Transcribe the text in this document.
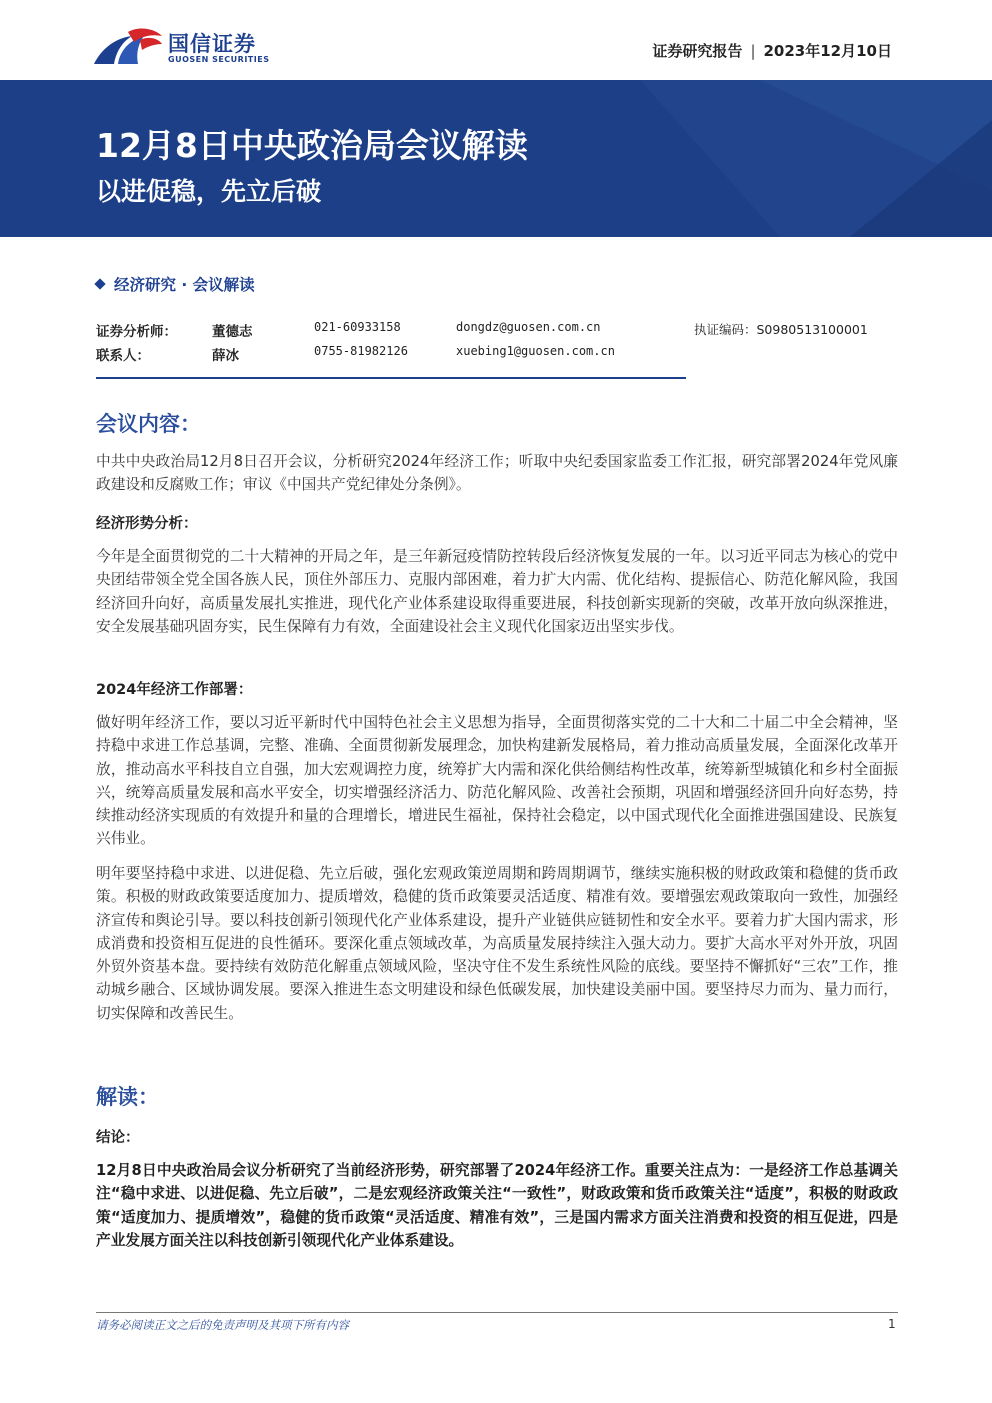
国信证券
GUOSEN SECURITIES	证券研究报告 | 2023年12月10日
12月8日中央政治局会议解读
以进促稳，先立后破
经济研究 · 会议解读
证券分析师：	董德志	021-60933158	dongdz@guosen.com.cn	执证编码：S0980513100001
联系人：	薛冰	0755-81982126	xuebing1@guosen.com.cn
会议内容：
中共中央政治局12月8日召开会议，分析研究2024年经济工作；听取中央纪委国家监委工作汇报，研究部署2024年党风廉政建设和反腐败工作；审议《中国共产党纪律处分条例》。
经济形势分析：
今年是全面贯彻党的二十大精神的开局之年，是三年新冠疫情防控转段后经济恢复发展的一年。以习近平同志为核心的党中央团结带领全党全国各族人民，顶住外部压力、克服内部困难，着力扩大内需、优化结构、提振信心、防范化解风险，我国经济回升向好，高质量发展扎实推进，现代化产业体系建设取得重要进展，科技创新实现新的突破，改革开放向纵深推进，安全发展基础巩固夯实，民生保障有力有效，全面建设社会主义现代化国家迈出坚实步伐。
2024年经济工作部署：
做好明年经济工作，要以习近平新时代中国特色社会主义思想为指导，全面贯彻落实党的二十大和二十届二中全会精神，坚持稳中求进工作总基调，完整、准确、全面贯彻新发展理念，加快构建新发展格局，着力推动高质量发展，全面深化改革开放，推动高水平科技自立自强，加大宏观调控力度，统筹扩大内需和深化供给侧结构性改革，统筹新型城镇化和乡村全面振兴，统筹高质量发展和高水平安全，切实增强经济活力、防范化解风险、改善社会预期，巩固和增强经济回升向好态势，持续推动经济实现质的有效提升和量的合理增长，增进民生福祉，保持社会稳定，以中国式现代化全面推进强国建设、民族复兴伟业。
明年要坚持稳中求进、以进促稳、先立后破，强化宏观政策逆周期和跨周期调节，继续实施积极的财政政策和稳健的货币政策。积极的财政政策要适度加力、提质增效，稳健的货币政策要灵活适度、精准有效。要增强宏观政策取向一致性，加强经济宣传和舆论引导。要以科技创新引领现代化产业体系建设，提升产业链供应链韧性和安全水平。要着力扩大国内需求，形成消费和投资相互促进的良性循环。要深化重点领域改革，为高质量发展持续注入强大动力。要扩大高水平对外开放，巩固外贸外资基本盘。要持续有效防范化解重点领域风险，坚决守住不发生系统性风险的底线。要坚持不懈抓好“三农”工作，推动城乡融合、区域协调发展。要深入推进生态文明建设和绿色低碳发展，加快建设美丽中国。要坚持尽力而为、量力而行，切实保障和改善民生。
解读：
结论：
12月8日中央政治局会议分析研究了当前经济形势，研究部署了2024年经济工作。重要关注点为：一是经济工作总基调关注“稳中求进、以进促稳、先立后破”，二是宏观经济政策关注“一致性”，财政政策和货币政策关注“适度”，积极的财政政策“适度加力、提质增效”，稳健的货币政策“灵活适度、精准有效”，三是国内需求方面关注消费和投资的相互促进，四是产业发展方面关注以科技创新引领现代化产业体系建设。
请务必阅读正文之后的免责声明及其项下所有内容	1
